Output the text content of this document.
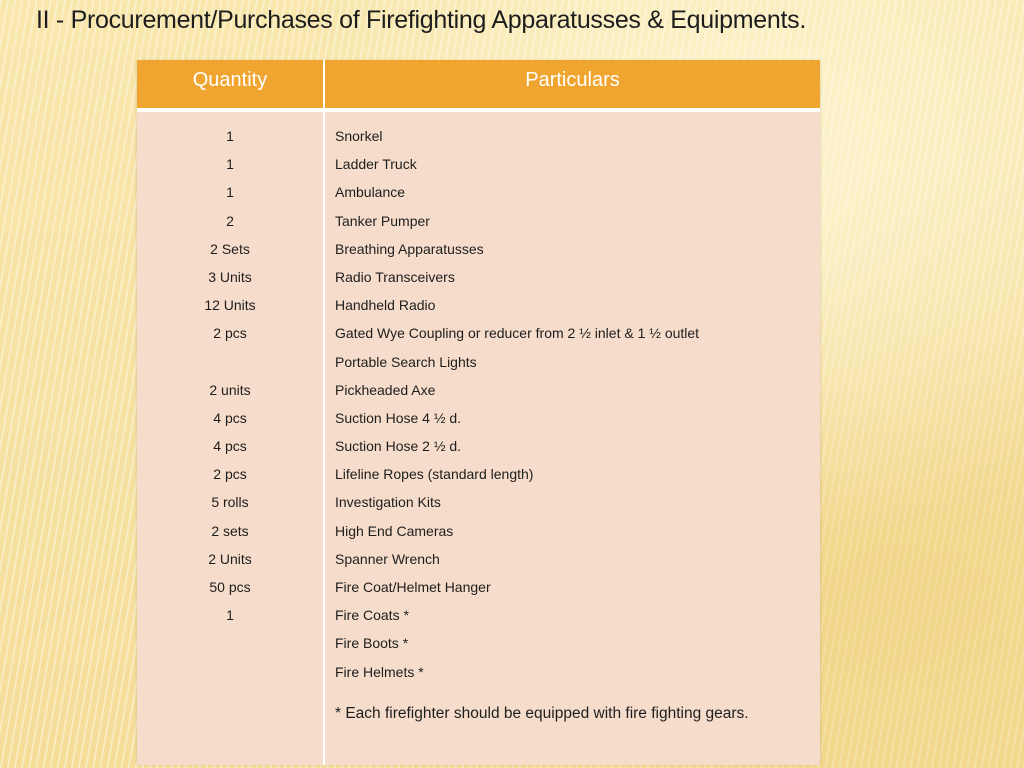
II - Procurement/Purchases of Firefighting Apparatusses & Equipments.
Quantity	Particulars
1
1
1
2
2 Sets
3 Units
12 Units
2 pcs
2 units
4 pcs
4 pcs
2 pcs
5 rolls
2 sets
2 Units
50 pcs
1
Snorkel
Ladder Truck
Ambulance
Tanker Pumper
Breathing Apparatusses
Radio Transceivers
Handheld Radio
Gated Wye Coupling or reducer from 2 ½ inlet & 1 ½ outlet
Portable Search Lights
Pickheaded Axe
Suction Hose 4 ½ d.
Suction Hose 2 ½ d.
Lifeline Ropes (standard length)
Investigation Kits
High End Cameras
Spanner Wrench
Fire Coat/Helmet Hanger
Fire Coats *
Fire Boots *
Fire Helmets *
* Each firefighter should be equipped with fire fighting gears.
